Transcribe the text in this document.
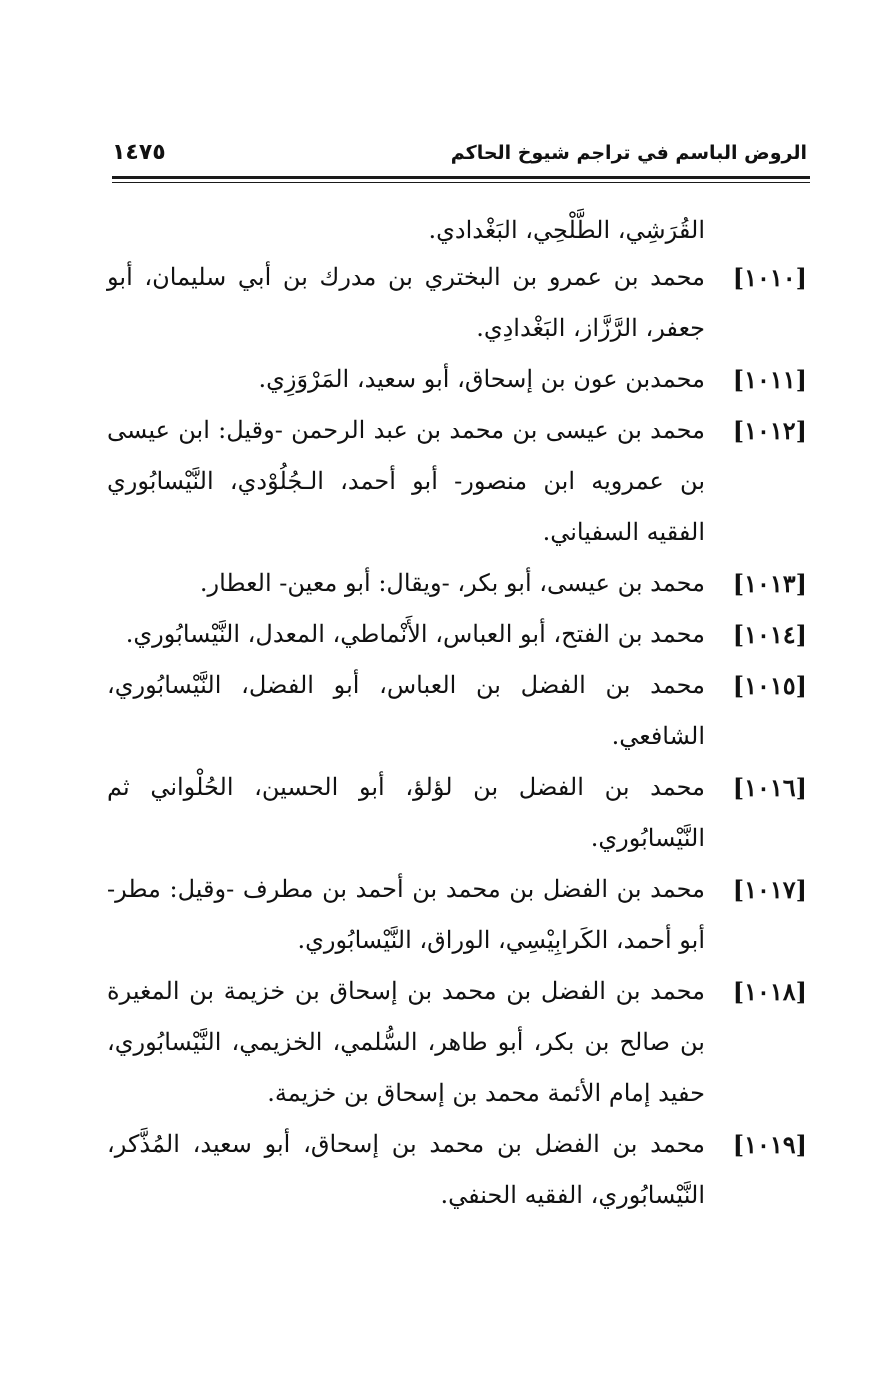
الروض الباسم في تراجم شيوخ الحاكم
١٤٧٥
القُرَشِي، الطَّلْحِي، البَغْدادي.
[١٠١٠]
محمد بن عمرو بن البختري بن مدرك بن أبي سليمان، أبو جعفر، الرَّزَّاز، البَغْدادِي.
[١٠١١]
محمدبن عون بن إسحاق، أبو سعيد، المَرْوَزِي.
[١٠١٢]
محمد بن عيسى بن محمد بن عبد الرحمن -وقيل: ابن عيسى بن عمرويه ابن منصور- أبو أحمد، الـجُلُوْدي، النَّيْسابُوري الفقيه السفياني.
[١٠١٣]
محمد بن عيسى، أبو بكر، -ويقال: أبو معين- العطار.
[١٠١٤]
محمد بن الفتح، أبو العباس، الأَنْماطي، المعدل، النَّيْسابُوري.
[١٠١٥]
محمد بن الفضل بن العباس، أبو الفضل، النَّيْسابُوري، الشافعي.
[١٠١٦]
محمد بن الفضل بن لؤلؤ، أبو الحسين، الحُلْواني ثم النَّيْسابُوري.
[١٠١٧]
محمد بن الفضل بن محمد بن أحمد بن مطرف -وقيل: مطر- أبو أحمد، الكَرابِيْسِي، الوراق، النَّيْسابُوري.
[١٠١٨]
محمد بن الفضل بن محمد بن إسحاق بن خزيمة بن المغيرة بن صالح بن بكر، أبو طاهر، السُّلمي، الخزيمي، النَّيْسابُوري، حفيد إمام الأئمة محمد بن إسحاق بن خزيمة.
[١٠١٩]
محمد بن الفضل بن محمد بن إسحاق، أبو سعيد، المُذَّكر، النَّيْسابُوري، الفقيه الحنفي.
